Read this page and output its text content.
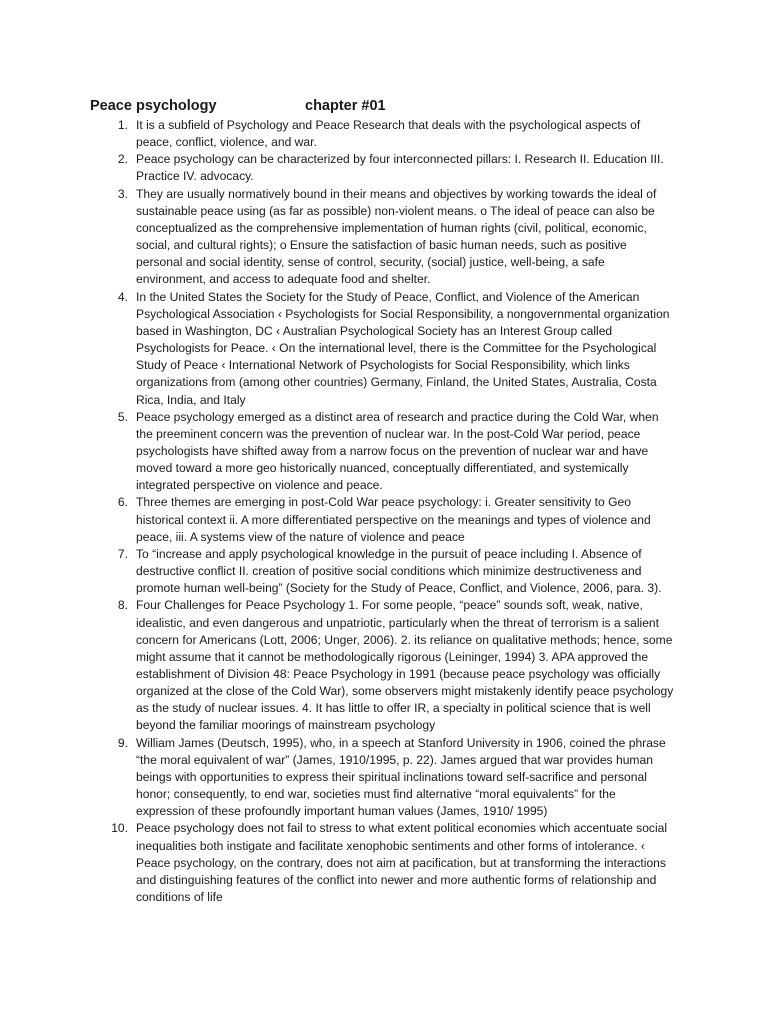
Peace psychology	chapter #01
1. It is a subfield of Psychology and Peace Research that deals with the psychological aspects of peace, conflict, violence, and war.
2. Peace psychology can be characterized by four interconnected pillars: I. Research II. Education III. Practice IV. advocacy.
3. They are usually normatively bound in their means and objectives by working towards the ideal of sustainable peace using (as far as possible) non-violent means. o The ideal of peace can also be conceptualized as the comprehensive implementation of human rights (civil, political, economic, social, and cultural rights); o Ensure the satisfaction of basic human needs, such as positive personal and social identity, sense of control, security, (social) justice, well-being, a safe environment, and access to adequate food and shelter.
4. In the United States the Society for the Study of Peace, Conflict, and Violence of the American Psychological Association ‹ Psychologists for Social Responsibility, a nongovernmental organization based in Washington, DC ‹ Australian Psychological Society has an Interest Group called Psychologists for Peace. ‹ On the international level, there is the Committee for the Psychological Study of Peace ‹ International Network of Psychologists for Social Responsibility, which links organizations from (among other countries) Germany, Finland, the United States, Australia, Costa Rica, India, and Italy
5. Peace psychology emerged as a distinct area of research and practice during the Cold War, when the preeminent concern was the prevention of nuclear war. In the post-Cold War period, peace psychologists have shifted away from a narrow focus on the prevention of nuclear war and have moved toward a more geo historically nuanced, conceptually differentiated, and systemically integrated perspective on violence and peace.
6. Three themes are emerging in post-Cold War peace psychology: i. Greater sensitivity to Geo historical context ii. A more differentiated perspective on the meanings and types of violence and peace, iii. A systems view of the nature of violence and peace
7. To “increase and apply psychological knowledge in the pursuit of peace including I. Absence of destructive conflict II. creation of positive social conditions which minimize destructiveness and promote human well-being” (Society for the Study of Peace, Conflict, and Violence, 2006, para. 3).
8. Four Challenges for Peace Psychology 1. For some people, “peace” sounds soft, weak, native, idealistic, and even dangerous and unpatriotic, particularly when the threat of terrorism is a salient concern for Americans (Lott, 2006; Unger, 2006). 2. its reliance on qualitative methods; hence, some might assume that it cannot be methodologically rigorous (Leininger, 1994) 3. APA approved the establishment of Division 48: Peace Psychology in 1991 (because peace psychology was officially organized at the close of the Cold War), some observers might mistakenly identify peace psychology as the study of nuclear issues. 4. It has little to offer IR, a specialty in political science that is well beyond the familiar moorings of mainstream psychology
9. William James (Deutsch, 1995), who, in a speech at Stanford University in 1906, coined the phrase “the moral equivalent of war” (James, 1910/1995, p. 22). James argued that war provides human beings with opportunities to express their spiritual inclinations toward self-sacrifice and personal honor; consequently, to end war, societies must find alternative “moral equivalents” for the expression of these profoundly important human values (James, 1910/ 1995)
10. Peace psychology does not fail to stress to what extent political economies which accentuate social inequalities both instigate and facilitate xenophobic sentiments and other forms of intolerance. ‹ Peace psychology, on the contrary, does not aim at pacification, but at transforming the interactions and distinguishing features of the conflict into newer and more authentic forms of relationship and conditions of life
